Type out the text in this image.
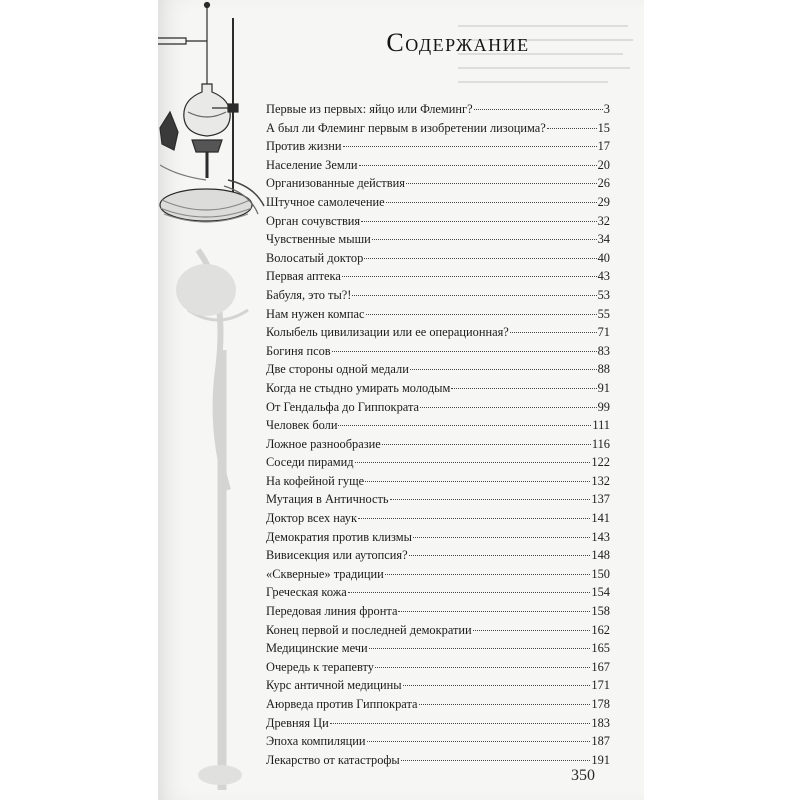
Содержание
Первые из первых: яйцо или Флеминг?	3
А был ли Флеминг первым в изобретении лизоцима?	15
Против жизни	17
Население Земли	20
Организованные действия	26
Штучное самолечение	29
Орган сочувствия	32
Чувственные мыши	34
Волосатый доктор	40
Первая аптека	43
Бабуля, это ты?!	53
Нам нужен компас	55
Колыбель цивилизации или ее операционная?	71
Богиня псов	83
Две стороны одной медали	88
Когда не стыдно умирать молодым	91
От Гендальфа до Гиппократа	99
Человек боли	111
Ложное разнообразие	116
Соседи пирамид	122
На кофейной гуще	132
Мутация в Античность	137
Доктор всех наук	141
Демократия против клизмы	143
Вивисекция или аутопсия?	148
«Скверные» традиции	150
Греческая кожа	154
Передовая линия фронта	158
Конец первой и последней демократии	162
Медицинские мечи	165
Очередь к терапевту	167
Курс античной медицины	171
Аюрведа против Гиппократа	178
Древняя Ци	183
Эпоха компиляции	187
Лекарство от катастрофы	191
350
